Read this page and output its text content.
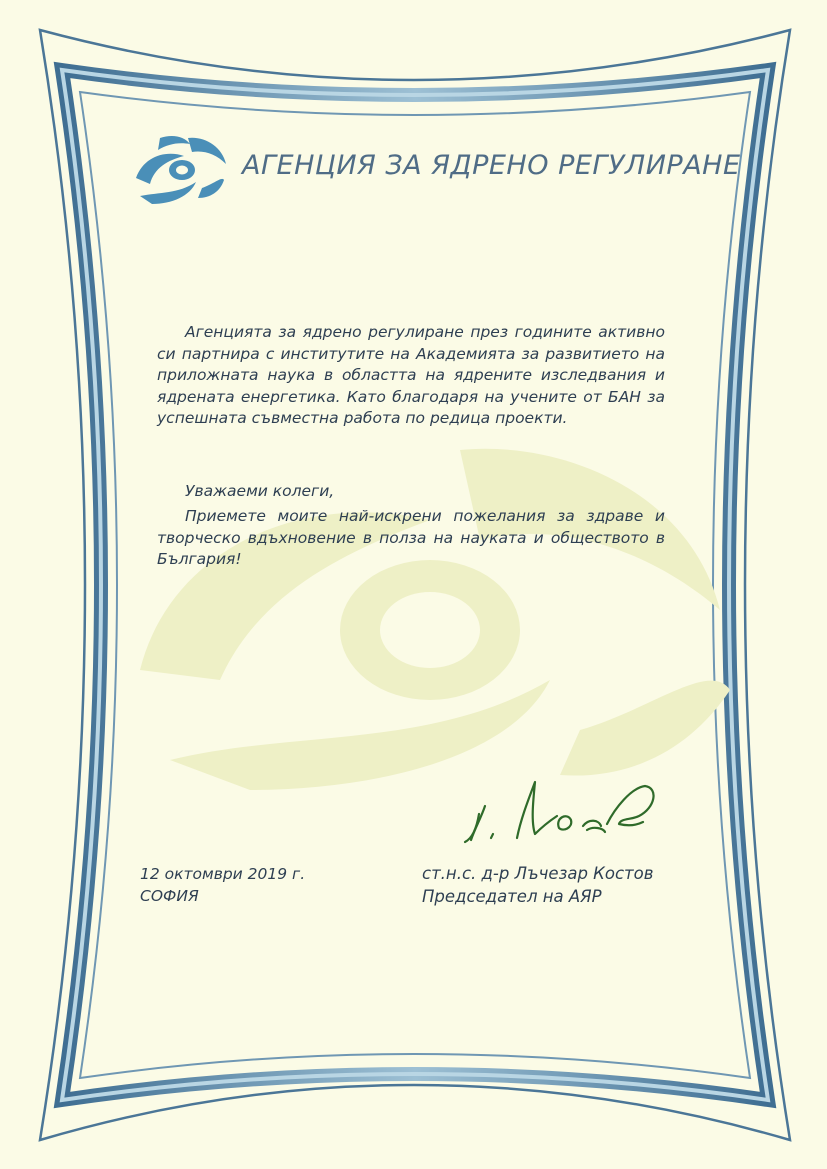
АГЕНЦИЯ ЗА ЯДРЕНО РЕГУЛИРАНЕ
Агенцията за ядрено регулиране през годините активно си партнира с институтите на Академията за развитието на приложната наука в областта на ядрените изследвания и ядрената енергетика. Като благодаря на учените от БАН за успешната съвместна работа по редица проекти.
Уважаеми колеги,
Приемете моите най-искрени пожелания за здраве и творческо вдъхновение в полза на науката и обществото в България!
12 октомври 2019 г.
СОФИЯ
ст.н.с. д-р Лъчезар Костов
Председател на АЯР
